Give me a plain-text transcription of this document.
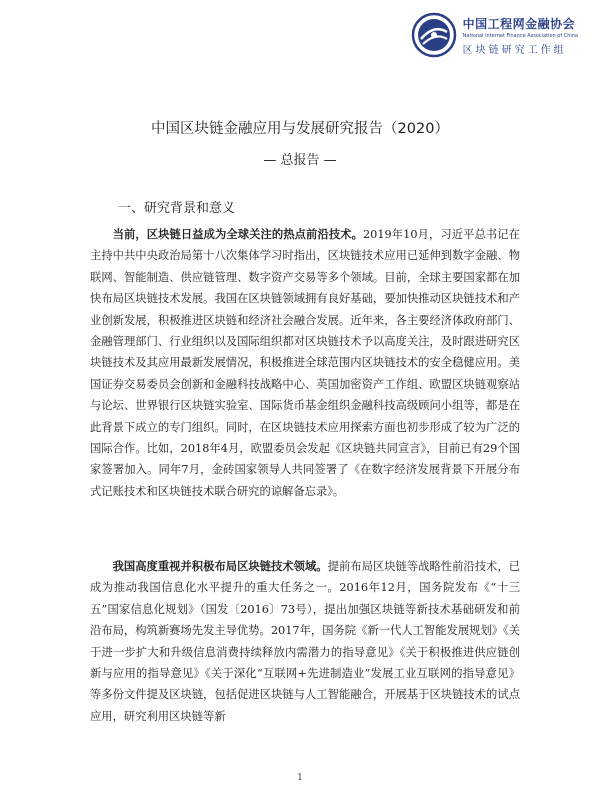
中国工程网金融协会
National Internet Finance Association of China
区块链研究工作组
中国区块链金融应用与发展研究报告（2020）
— 总报告 —
一、研究背景和意义

当前，区块链日益成为全球关注的热点前沿技术。2019年10月，习近平总书记在主持中共中央政治局第十八次集体学习时指出，区块链技术应用已延伸到数字金融、物联网、智能制造、供应链管理、数字资产交易等多个领域。目前，全球主要国家都在加快布局区块链技术发展。我国在区块链领域拥有良好基础，要加快推动区块链技术和产业创新发展，积极推进区块链和经济社会融合发展。近年来，各主要经济体政府部门、金融管理部门、行业组织以及国际组织都对区块链技术予以高度关注，及时跟进研究区块链技术及其应用最新发展情况，积极推进全球范围内区块链技术的安全稳健应用。美国证券交易委员会创新和金融科技战略中心、英国加密资产工作组、欧盟区块链观察站与论坛、世界银行区块链实验室、国际货币基金组织金融科技高级顾问小组等，都是在此背景下成立的专门组织。同时，在区块链技术应用探索方面也初步形成了较为广泛的国际合作。比如，2018年4月，欧盟委员会发起《区块链共同宣言》，目前已有29个国家签署加入。同年7月，金砖国家领导人共同签署了《在数字经济发展背景下开展分布式记账技术和区块链技术联合研究的谅解备忘录》。

我国高度重视并积极布局区块链技术领域。提前布局区块链等战略性前沿技术，已成为推动我国信息化水平提升的重大任务之一。2016年12月，国务院发布《“十三五”国家信息化规划》（国发〔2016〕73号），提出加强区块链等新技术基础研发和前沿布局，构筑新赛场先发主导优势。2017年，国务院《新一代人工智能发展规划》《关于进一步扩大和升级信息消费持续释放内需潜力的指导意见》《关于积极推进供应链创新与应用的指导意见》《关于深化“互联网+先进制造业”发展工业互联网的指导意见》等多份文件提及区块链，包括促进区块链与人工智能融合，开展基于区块链技术的试点应用，研究利用区块链等新

1
